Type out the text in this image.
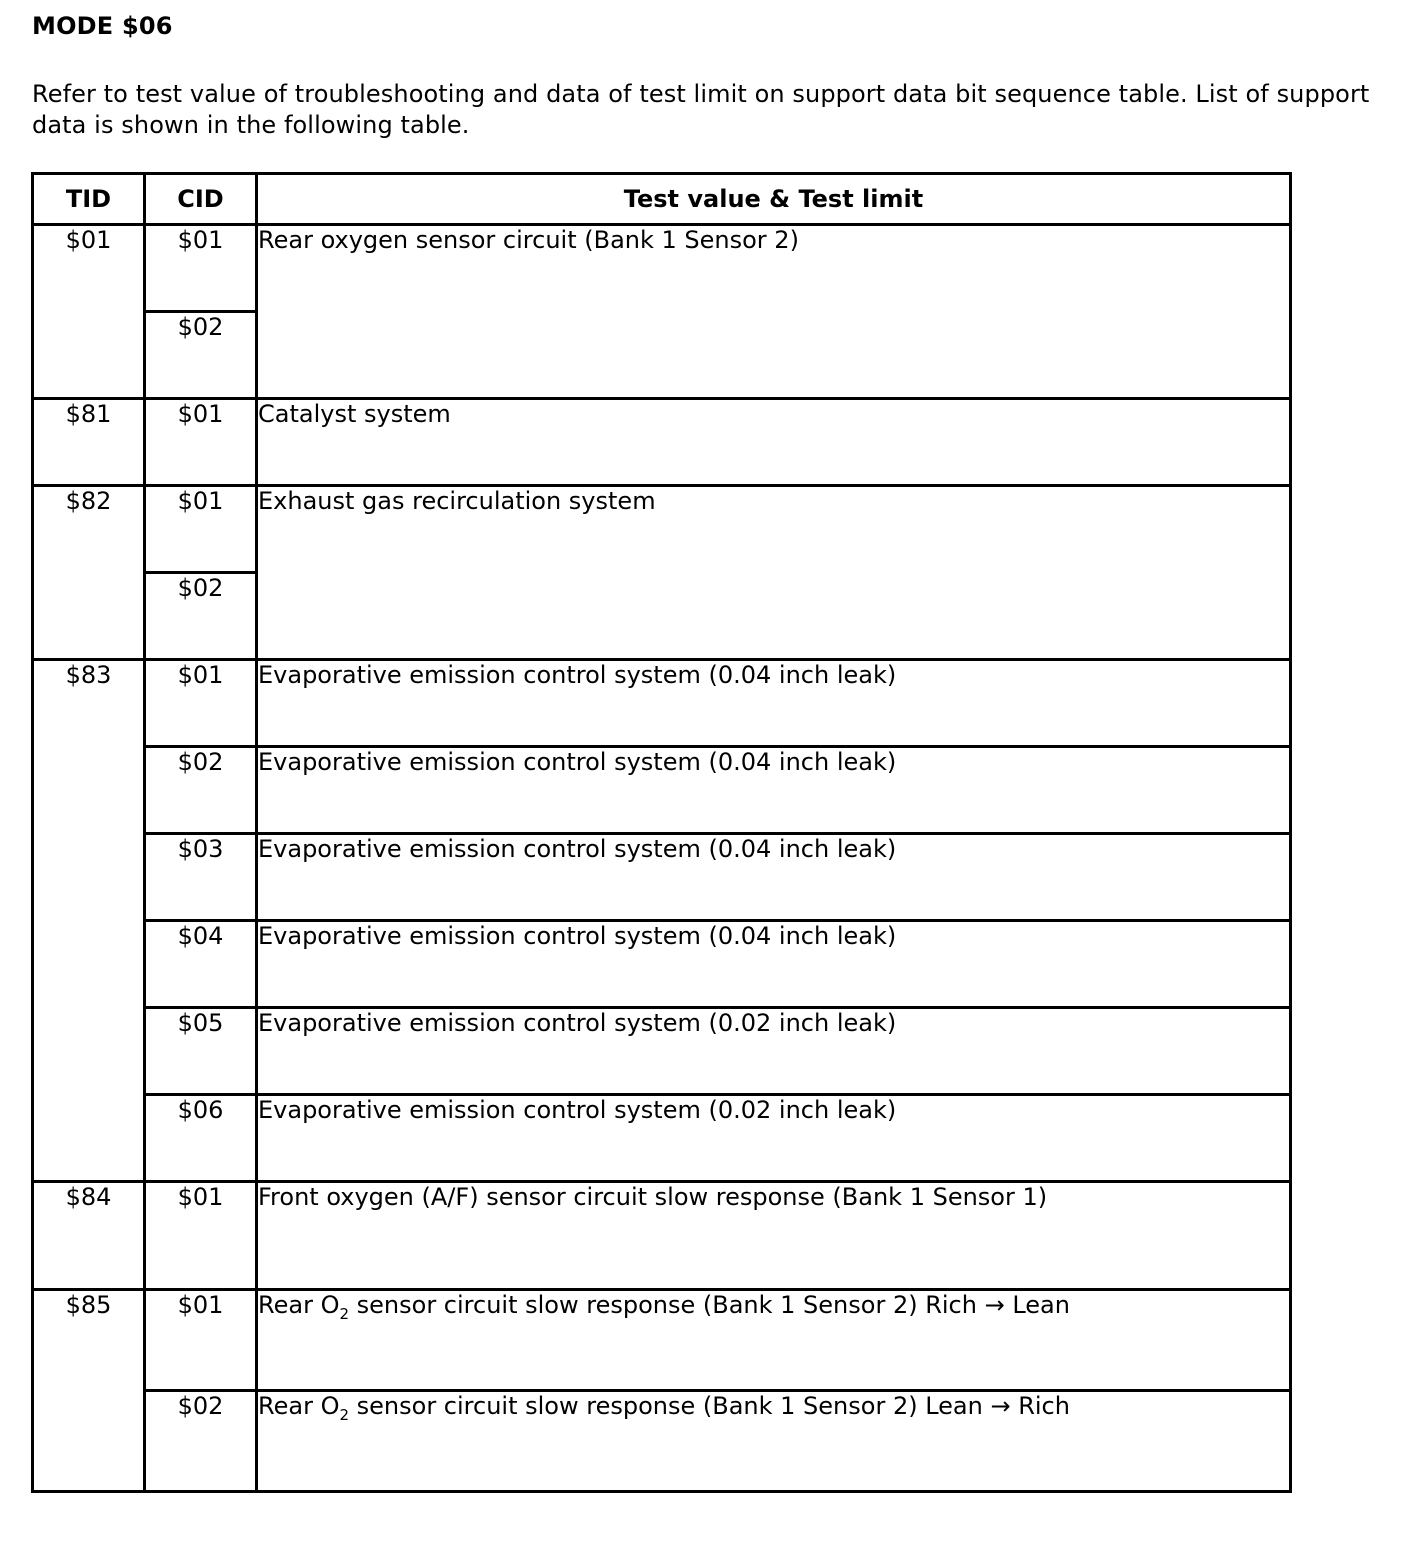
MODE $06
Refer to test value of troubleshooting and data of test limit on support data bit sequence table. List of support data is shown in the following table.
TID	CID	Test value & Test limit
$01	$01	Rear oxygen sensor circuit (Bank 1 Sensor 2)
	$02	
$81	$01	Catalyst system
$82	$01	Exhaust gas recirculation system
	$02	
$83	$01	Evaporative emission control system (0.04 inch leak)
	$02	Evaporative emission control system (0.04 inch leak)
	$03	Evaporative emission control system (0.04 inch leak)
	$04	Evaporative emission control system (0.04 inch leak)
	$05	Evaporative emission control system (0.02 inch leak)
	$06	Evaporative emission control system (0.02 inch leak)
$84	$01	Front oxygen (A/F) sensor circuit slow response (Bank 1 Sensor 1)
$85	$01	Rear $O_2$ sensor circuit slow response (Bank 1 Sensor 2) Rich → Lean
	$02	Rear $O_2$ sensor circuit slow response (Bank 1 Sensor 2) Lean → Rich
